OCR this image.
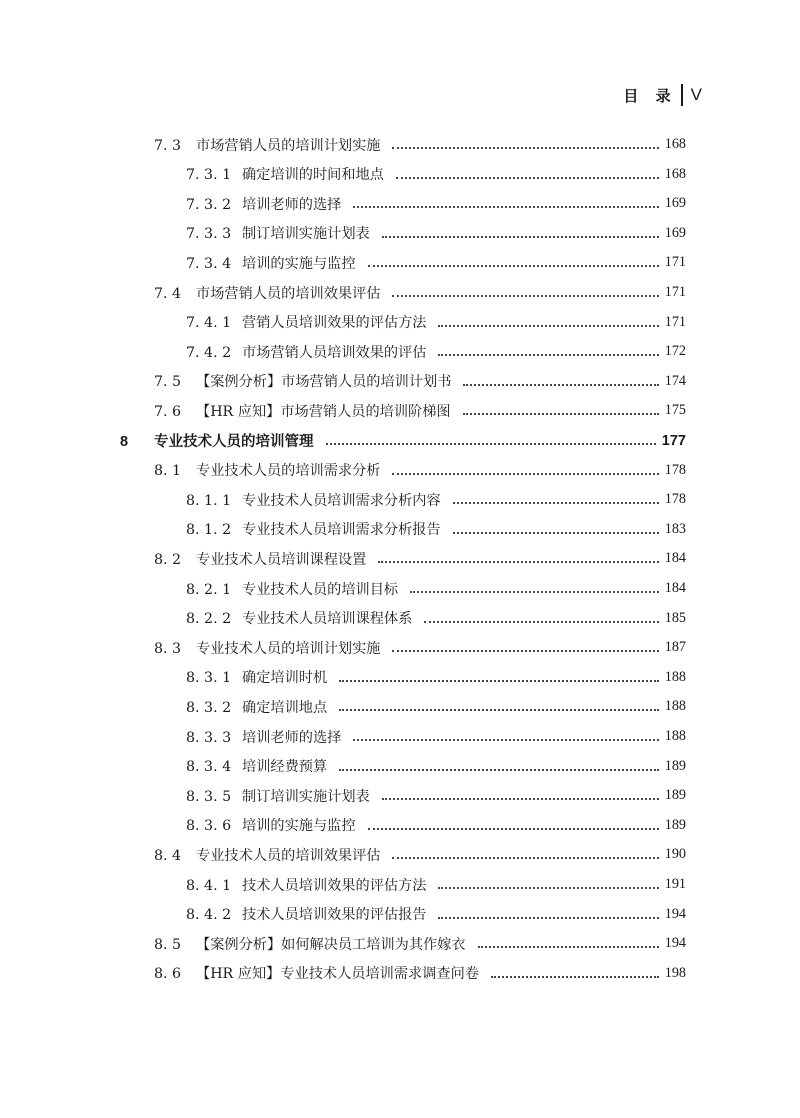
目 录 V
7. 3	市场营销人员的培训计划实施	168
7. 3. 1 确定培训的时间和地点	168
7. 3. 2 培训老师的选择	169
7. 3. 3 制订培训实施计划表	169
7. 3. 4 培训的实施与监控	171
7. 4	市场营销人员的培训效果评估	171
7. 4. 1 营销人员培训效果的评估方法	171
7. 4. 2 市场营销人员培训效果的评估	172
7. 5	【案例分析】市场营销人员的培训计划书	174
7. 6	【HR 应知】市场营销人员的培训阶梯图	175
8	专业技术人员的培训管理	177
8. 1	专业技术人员的培训需求分析	178
8. 1. 1 专业技术人员培训需求分析内容	178
8. 1. 2 专业技术人员培训需求分析报告	183
8. 2	专业技术人员培训课程设置	184
8. 2. 1 专业技术人员的培训目标	184
8. 2. 2 专业技术人员培训课程体系	185
8. 3	专业技术人员的培训计划实施	187
8. 3. 1 确定培训时机	188
8. 3. 2 确定培训地点	188
8. 3. 3 培训老师的选择	188
8. 3. 4 培训经费预算	189
8. 3. 5 制订培训实施计划表	189
8. 3. 6 培训的实施与监控	189
8. 4	专业技术人员的培训效果评估	190
8. 4. 1 技术人员培训效果的评估方法	191
8. 4. 2 技术人员培训效果的评估报告	194
8. 5	【案例分析】如何解决员工培训为其作嫁衣	194
8. 6	【HR 应知】专业技术人员培训需求调查问卷	198
